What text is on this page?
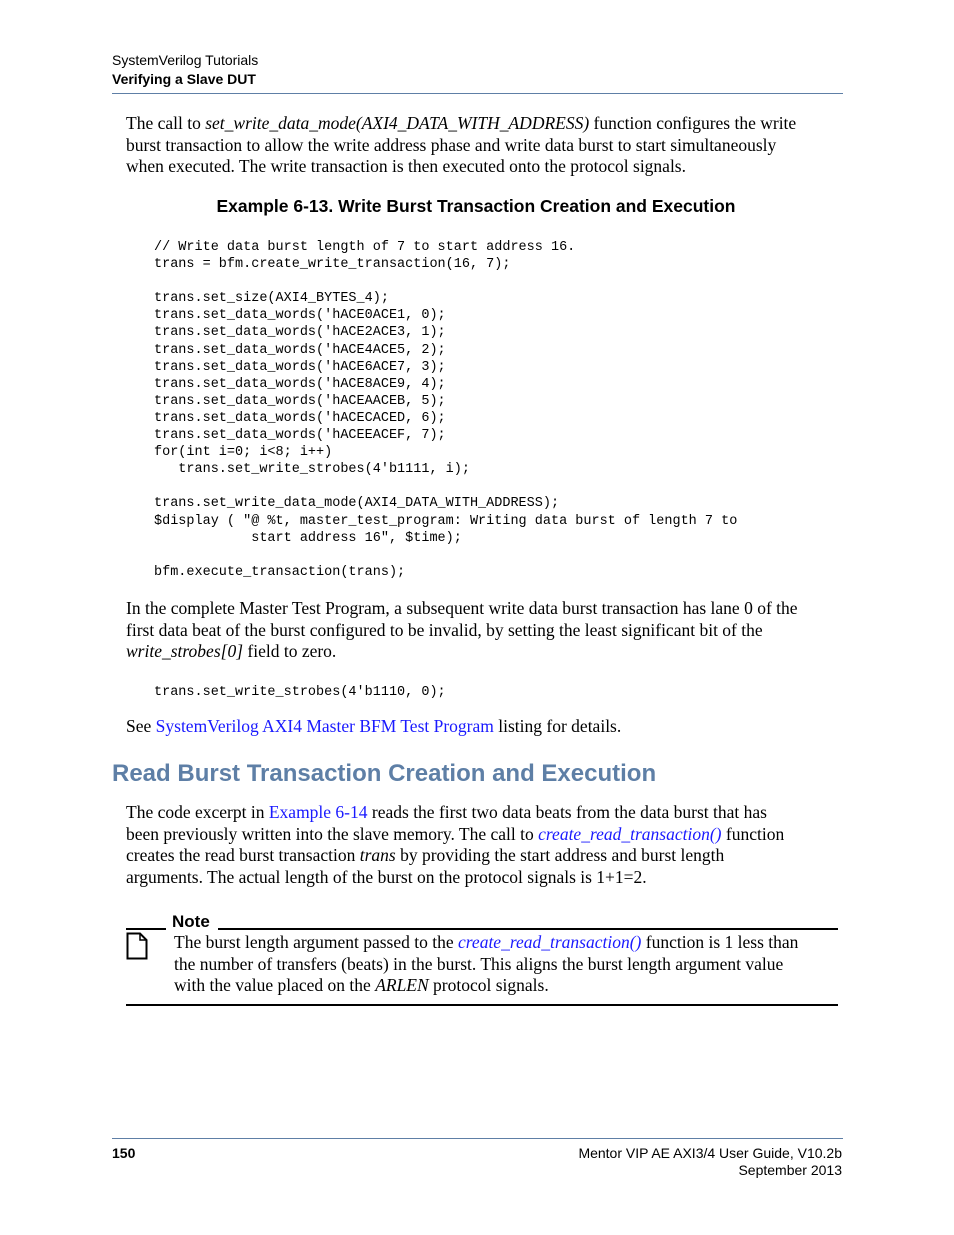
SystemVerilog Tutorials
Verifying a Slave DUT
The call to set_write_data_mode(AXI4_DATA_WITH_ADDRESS) function configures the write
burst transaction to allow the write address phase and write data burst to start simultaneously
when executed. The write transaction is then executed onto the protocol signals.
Example 6-13. Write Burst Transaction Creation and Execution
// Write data burst length of 7 to start address 16.
trans = bfm.create_write_transaction(16, 7);

trans.set_size(AXI4_BYTES_4);
trans.set_data_words('hACE0ACE1, 0);
trans.set_data_words('hACE2ACE3, 1);
trans.set_data_words('hACE4ACE5, 2);
trans.set_data_words('hACE6ACE7, 3);
trans.set_data_words('hACE8ACE9, 4);
trans.set_data_words('hACEAACEB, 5);
trans.set_data_words('hACECACED, 6);
trans.set_data_words('hACEEACEF, 7);
for(int i=0; i<8; i++)
trans.set_write_strobes(4'b1111, i);

trans.set_write_data_mode(AXI4_DATA_WITH_ADDRESS);
$display ( "@ %t, master_test_program: Writing data burst of length 7 to
start address 16", $time);

bfm.execute_transaction(trans);
In the complete Master Test Program, a subsequent write data burst transaction has lane 0 of the
first data beat of the burst configured to be invalid, by setting the least significant bit of the
write_strobes[0] field to zero.
trans.set_write_strobes(4'b1110, 0);
See SystemVerilog AXI4 Master BFM Test Program listing for details.
Read Burst Transaction Creation and Execution
The code excerpt in Example 6-14 reads the first two data beats from the data burst that has
been previously written into the slave memory. The call to create_read_transaction() function
creates the read burst transaction trans by providing the start address and burst length
arguments. The actual length of the burst on the protocol signals is 1+1=2.
Note
The burst length argument passed to the create_read_transaction() function is 1 less than
the number of transfers (beats) in the burst. This aligns the burst length argument value
with the value placed on the ARLEN protocol signals.
150	Mentor VIP AE AXI3/4 User Guide, V10.2b
September 2013
